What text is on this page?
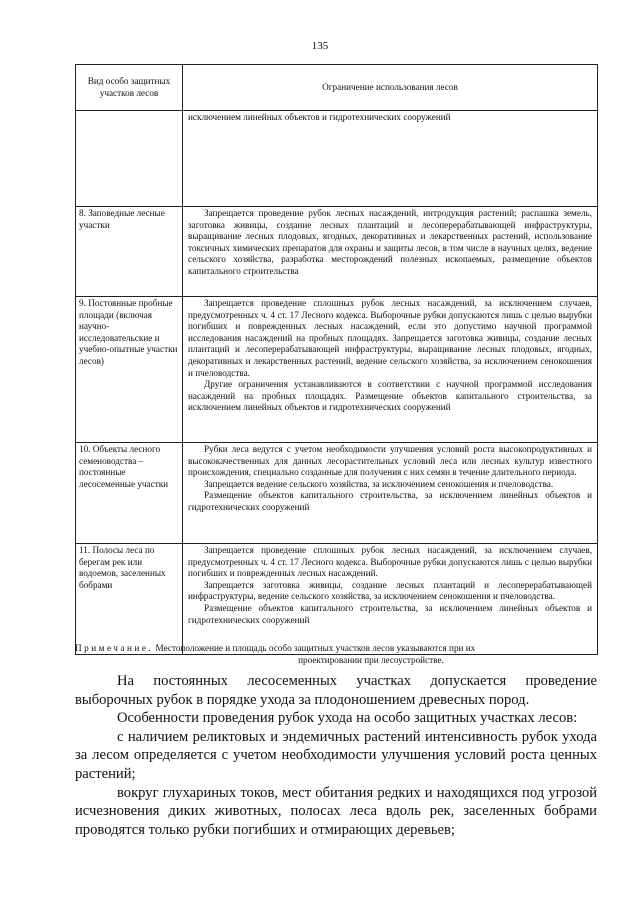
135
Вид особо защитных участков лесов	Ограничение использования лесов

	исключением линейных объектов и гидротехнических сооружений

8. Заповедные лесные участки	Запрещается проведение рубок лесных насаждений, интродукция растений; распашка земель, заготовка живицы, создание лесных плантаций и лесоперерабатывающей инфраструктуры, выращивание лесных плодовых, ягодных, декоративных и лекарственных растений, использование токсичных химических препаратов для охраны и защиты лесов, в том числе в научных целях, ведение сельского хозяйства, разработка месторождений полезных ископаемых, размещение объектов капитального строительства

9. Постоянные пробные площади (включая научно-исследовательские и учебно-опытные участки лесов)	Запрещается проведение сплошных рубок лесных насаждений, за исключением случаев, предусмотренных ч. 4 ст. 17 Лесного кодекса. Выборочные рубки допускаются лишь с целью вырубки погибших и поврежденных лесных насаждений, если это допустимо научной программой исследования насаждений на пробных площадях. Запрещается заготовка живицы, создание лесных плантаций и лесоперерабатывающей инфраструктуры, выращивание лесных плодовых, ягодных, декоративных и лекарственных растений, ведение сельского хозяйства, за исключением сенокошения и пчеловодства.
Другие ограничения устанавливаются в соответствии с научной программой исследования насаждений на пробных площадях. Размещение объектов капитального строительства, за исключением линейных объектов и гидротехнических сооружений

10. Объекты лесного семеноводства – постоянные лесосеменные участки	Рубки леса ведутся с учетом необходимости улучшения условий роста высокопродуктивных и высококачественных для данных лесорастительных условий леса или лесных культур известного происхождения, специально созданные для получения с них семян в течение длительного периода.
Запрещается ведение сельского хозяйства, за исключением сенокошения и пчеловодства.
Размещение объектов капитального строительства, за исключением линейных объектов и гидротехнических сооружений

11. Полосы леса по берегам рек или водоемов, заселенных бобрами	Запрещается проведение сплошных рубок лесных насаждений, за исключением случаев, предусмотренных ч. 4 ст. 17 Лесного кодекса. Выборочные рубки допускаются лишь с целью вырубки погибших и поврежденных лесных насаждений.
Запрещается заготовка живицы, создание лесных плантаций и лесоперерабатывающей инфраструктуры, ведение сельского хозяйства, за исключением сенокошения и пчеловодства.
Размещение объектов капитального строительства, за исключением линейных объектов и гидротехнических сооружений
Примечание. Местоположение и площадь особо защитных участков лесов указываются при их
проектировании при лесоустройстве.

На постоянных лесосеменных участках допускается проведение выборочных рубок в порядке ухода за плодоношением древесных пород.

Особенности проведения рубок ухода на особо защитных участках лесов:

с наличием реликтовых и эндемичных растений интенсивность рубок ухода за лесом определяется с учетом необходимости улучшения условий роста ценных растений;

вокруг глухариных токов, мест обитания редких и находящихся под угрозой исчезновения диких животных, полосах леса вдоль рек, заселенных бобрами проводятся только рубки погибших и отмирающих деревьев;
